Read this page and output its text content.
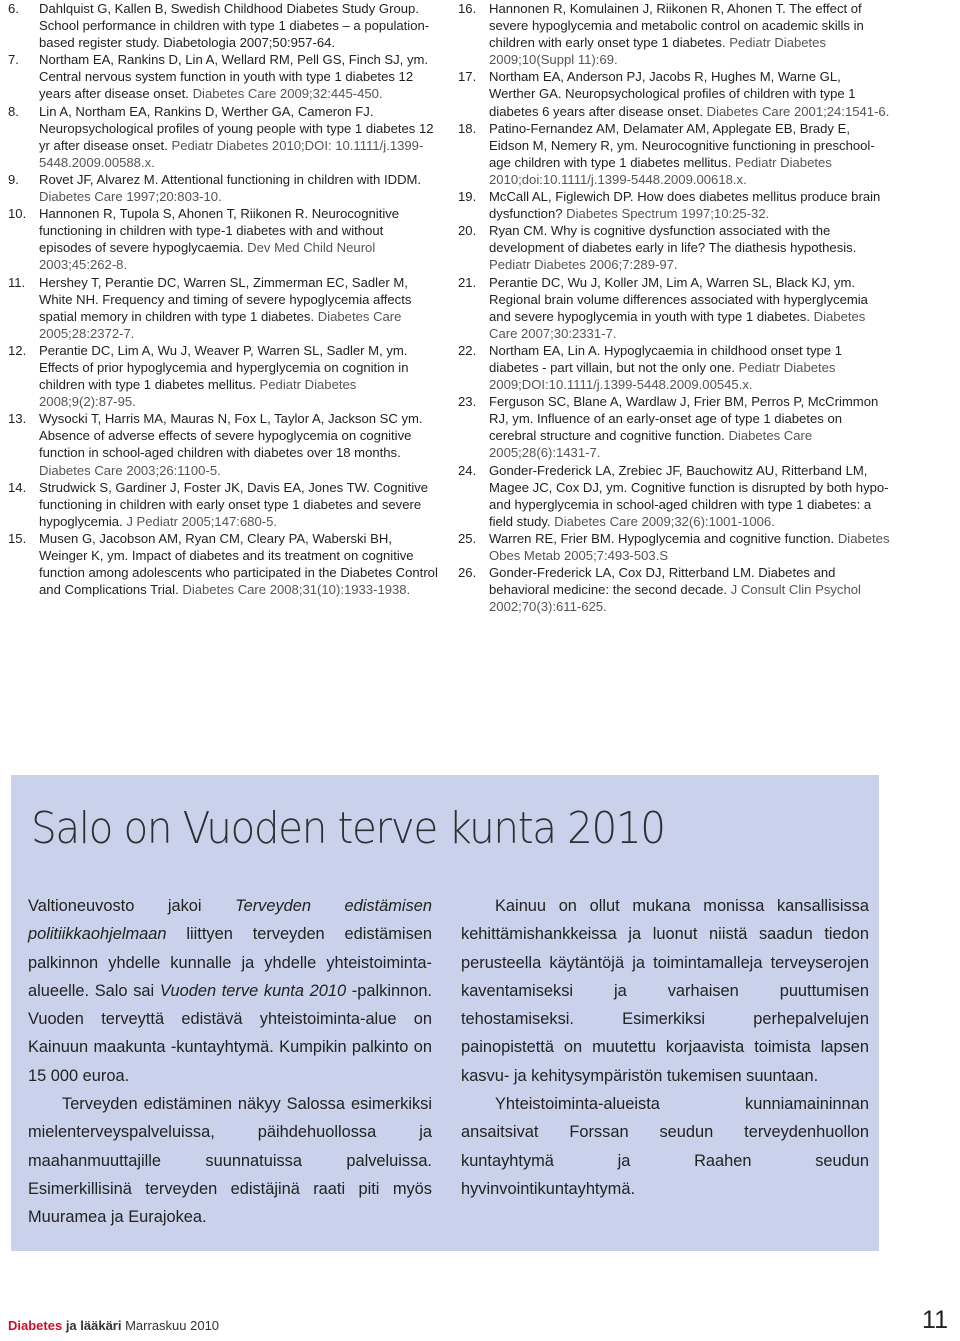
6.	Dahlquist G, Kallen B, Swedish Childhood Diabetes Study Group. School performance in children with type 1 diabetes – a population-based register study. Diabetologia 2007;50:957-64.
7.	Northam EA, Rankins D, Lin A, Wellard RM, Pell GS, Finch SJ, ym. Central nervous system function in youth with type 1 diabetes 12 years after disease onset. Diabetes Care 2009;32:445-450.
8.	Lin A, Northam EA, Rankins D, Werther GA, Cameron FJ. Neuropsychological profiles of young people with type 1 diabetes 12 yr after disease onset. Pediatr Diabetes 2010;DOI: 10.1111/j.1399-5448.2009.00588.x.
9.	Rovet JF, Alvarez M. Attentional functioning in children with IDDM. Diabetes Care 1997;20:803-10.
10. Hannonen R, Tupola S, Ahonen T, Riikonen R. Neurocognitive functioning in children with type-1 diabetes with and without episodes of severe hypoglycaemia. Dev Med Child Neurol 2003;45:262-8.
11.	Hershey T, Perantie DC, Warren SL, Zimmerman EC, Sadler M, White NH. Frequency and timing of severe hypoglycemia affects spatial memory in children with type 1 diabetes. Diabetes Care 2005;28:2372-7.
12. Perantie DC, Lim A, Wu J, Weaver P, Warren SL, Sadler M, ym. Effects of prior hypoglycemia and hyperglycemia on cognition in children with type 1 diabetes mellitus. Pediatr Diabetes 2008;9(2):87-95.
13. Wysocki T, Harris MA, Mauras N, Fox L, Taylor A, Jackson SC ym. Absence of adverse effects of severe hypoglycemia on cognitive function in school-aged children with diabetes over 18 months. Diabetes Care 2003;26:1100-5.
14. Strudwick S, Gardiner J, Foster JK, Davis EA, Jones TW. Cognitive functioning in children with early onset type 1 diabetes and severe hypoglycemia. J Pediatr 2005;147:680-5.
15. Musen G, Jacobson AM, Ryan CM, Cleary PA, Waberski BH, Weinger K, ym. Impact of diabetes and its treatment on cognitive function among adolescents who participated in the Diabetes Control and Complications Trial. Diabetes Care 2008;31(10):1933-1938.
16. Hannonen R, Komulainen J, Riikonen R, Ahonen T. The effect of severe hypoglycemia and metabolic control on academic skills in children with early onset type 1 diabetes. Pediatr Diabetes 2009;10(Suppl 11):69.
17. Northam EA, Anderson PJ, Jacobs R, Hughes M, Warne GL, Werther GA. Neuropsychological profiles of children with type 1 diabetes 6 years after disease onset. Diabetes Care 2001;24:1541-6.
18. Patino-Fernandez AM, Delamater AM, Applegate EB, Brady E, Eidson M, Nemery R, ym. Neurocognitive functioning in preschool-age children with type 1 diabetes mellitus. Pediatr Diabetes 2010;doi:10.1111/j.1399-5448.2009.00618.x.
19. McCall AL, Figlewich DP. How does diabetes mellitus produce brain dysfunction? Diabetes Spectrum 1997;10:25-32.
20. Ryan CM. Why is cognitive dysfunction associated with the development of diabetes early in life? The diathesis hypothesis. Pediatr Diabetes 2006;7:289-97.
21. Perantie DC, Wu J, Koller JM, Lim A, Warren SL, Black KJ, ym. Regional brain volume differences associated with hyperglycemia and severe hypoglycemia in youth with type 1 diabetes. Diabetes Care 2007;30:2331-7.
22. Northam EA, Lin A. Hypoglycaemia in childhood onset type 1 diabetes - part villain, but not the only one. Pediatr Diabetes 2009;DOI:10.1111/j.1399-5448.2009.00545.x.
23. Ferguson SC, Blane A, Wardlaw J, Frier BM, Perros P, McCrimmon RJ, ym. Influence of an early-onset age of type 1 diabetes on cerebral structure and cognitive function. Diabetes Care 2005;28(6):1431-7.
24. Gonder-Frederick LA, Zrebiec JF, Bauchowitz AU, Ritterband LM, Magee JC, Cox DJ, ym. Cognitive function is disrupted by both hypo- and hyperglycemia in school-aged children with type 1 diabetes: a field study. Diabetes Care 2009;32(6):1001-1006.
25. Warren RE, Frier BM. Hypoglycemia and cognitive function. Diabetes Obes Metab 2005;7:493-503.S
26. Gonder-Frederick LA, Cox DJ, Ritterband LM. Diabetes and behavioral medicine: the second decade. J Consult Clin Psychol 2002;70(3):611-625.
Salo on Vuoden terve kunta 2010

Valtioneuvosto jakoi Terveyden edistämisen politiikkaohjelmaan liittyen terveyden edistämisen palkinnon yhdelle kunnalle ja yhdelle yhteistoiminta-alueelle. Salo sai Vuoden terve kunta 2010 -palkinnon. Vuoden terveyttä edistävä yhteistoiminta-alue on Kainuun maakunta -kuntayhtymä. Kumpikin palkinto on 15 000 euroa.

Terveyden edistäminen näkyy Salossa esimerkiksi mielenterveyspalveluissa, päihdehuollossa ja maahanmuuttajille suunnatuissa palveluissa. Esimerkillisinä terveyden edistäjinä raati piti myös Muuramea ja Eurajokea.

Kainuu on ollut mukana monissa kansallisissa kehittämishankkeissa ja luonut niistä saadun tiedon perusteella käytäntöjä ja toimintamalleja terveyserojen kaventamiseksi ja varhaisen puuttumisen tehostamiseksi. Esimerkiksi perhepalvelujen painopistettä on muutettu korjaavista toimista lapsen kasvu- ja kehitysympäristön tukemisen suuntaan.

Yhteistoiminta-alueista kunniamaininnan ansaitsivat Forssan seudun terveydenhuollon kuntayhtymä ja Raahen seudun hyvinvointikuntayhtymä.

Diabetes ja lääkäri Marraskuu 2010	11
